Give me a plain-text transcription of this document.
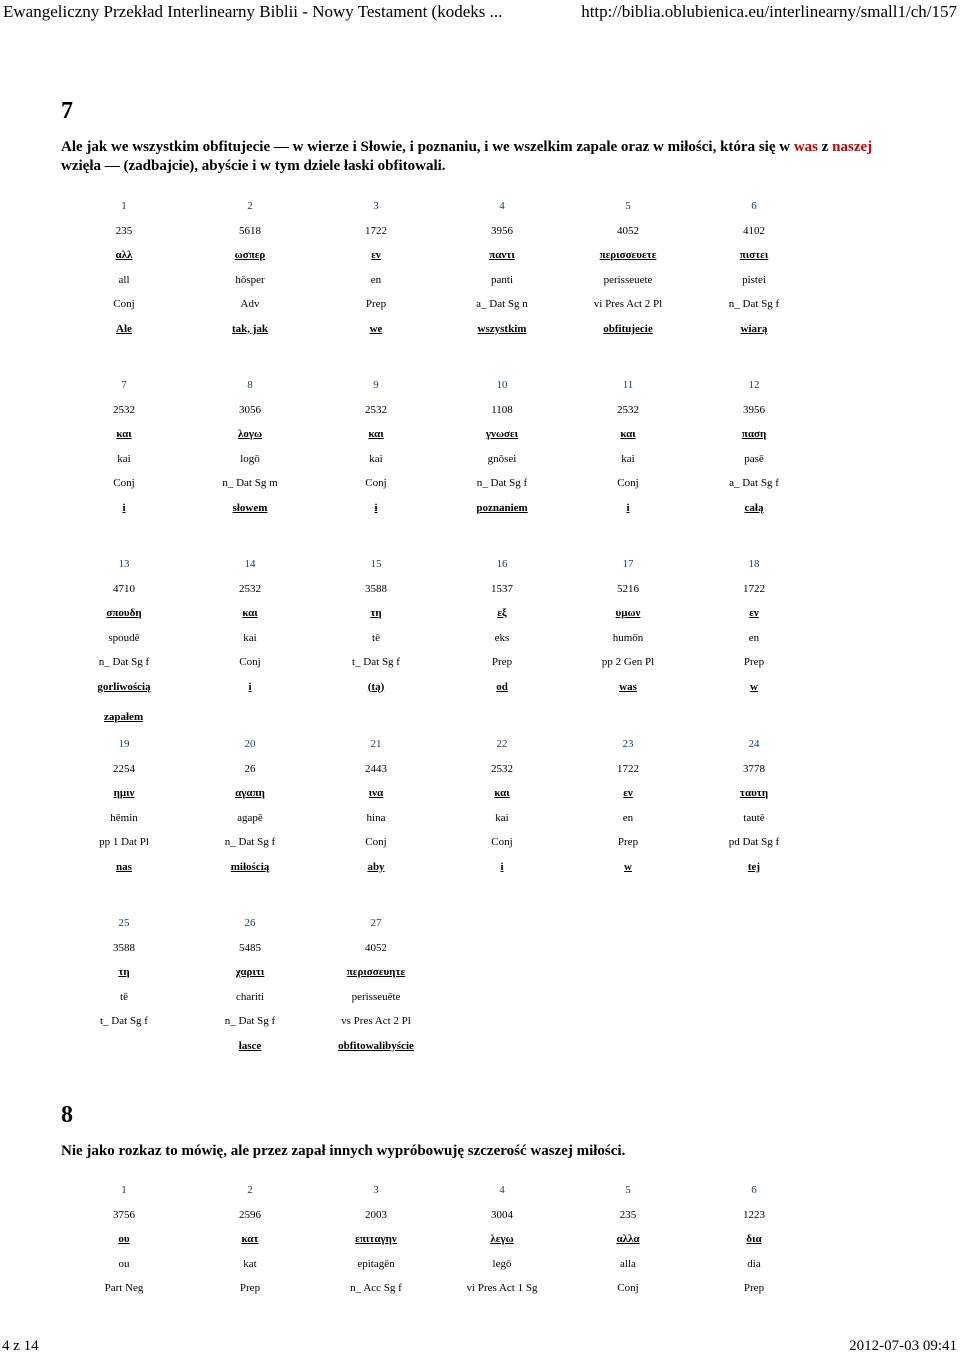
Ewangeliczny Przekład Interlinearny Biblii - Nowy Testament (kodeks ...	http://biblia.oblubienica.eu/interlinearny/small1/ch/157
7
Ale jak we wszystkim obfitujecie — w wierze i Słowie, i poznaniu, i we wszelkim zapale oraz w miłości, która się w was z naszej wzięła — (zadbajcie), abyście i w tym dziele łaski obfitowali.
1
235
αλλ
all
Conj
Ale
2
5618
ωσπερ
hōsper
Adv
tak, jak
3
1722
εν
en
Prep
we
4
3956
παντι
panti
a_ Dat Sg n
wszystkim
5
4052
περισσευετε
perisseuete
vi Pres Act 2 Pl
obfitujecie
6
4102
πιστει
pistei
n_ Dat Sg f
wiarą
7
2532
και
kai
Conj
i
8
3056
λογω
logō
n_ Dat Sg m
słowem
9
2532
και
kai
Conj
i
10
1108
γνωσει
gnōsei
n_ Dat Sg f
poznaniem
11
2532
και
kai
Conj
i
12
3956
παση
pasē
a_ Dat Sg f
całą
13
4710
σπουδη
spoudē
n_ Dat Sg f
gorliwością
14
2532
και
kai
Conj
i
15
3588
τη
tē
t_ Dat Sg f
(tą)
16
1537
εξ
eks
Prep
od
17
5216
υμων
humōn
pp 2 Gen Pl
was
18
1722
εν
en
Prep
w
zapałem
19
2254
ημιν
hēmin
pp 1 Dat Pl
nas
20
26
αγαπη
agapē
n_ Dat Sg f
miłością
21
2443
ινα
hina
Conj
aby
22
2532
και
kai
Conj
i
23
1722
εν
en
Prep
w
24
3778
ταυτη
tautē
pd Dat Sg f
tej
25
3588
τη
tē
t_ Dat Sg f
26
5485
χαριτι
chariti
n_ Dat Sg f
łasce
27
4052
περισσευητε
perisseuēte
vs Pres Act 2 Pl
obfitowalibyście
8
Nie jako rozkaz to mówię, ale przez zapał innych wypróbowuję szczerość waszej miłości.
1
3756
ου
ou
Part Neg
2
2596
κατ
kat
Prep
3
2003
επιταγην
epitagēn
n_ Acc Sg f
4
3004
λεγω
legō
vi Pres Act 1 Sg
5
235
αλλα
alla
Conj
6
1223
δια
dia
Prep
4 z 14	2012-07-03 09:41
